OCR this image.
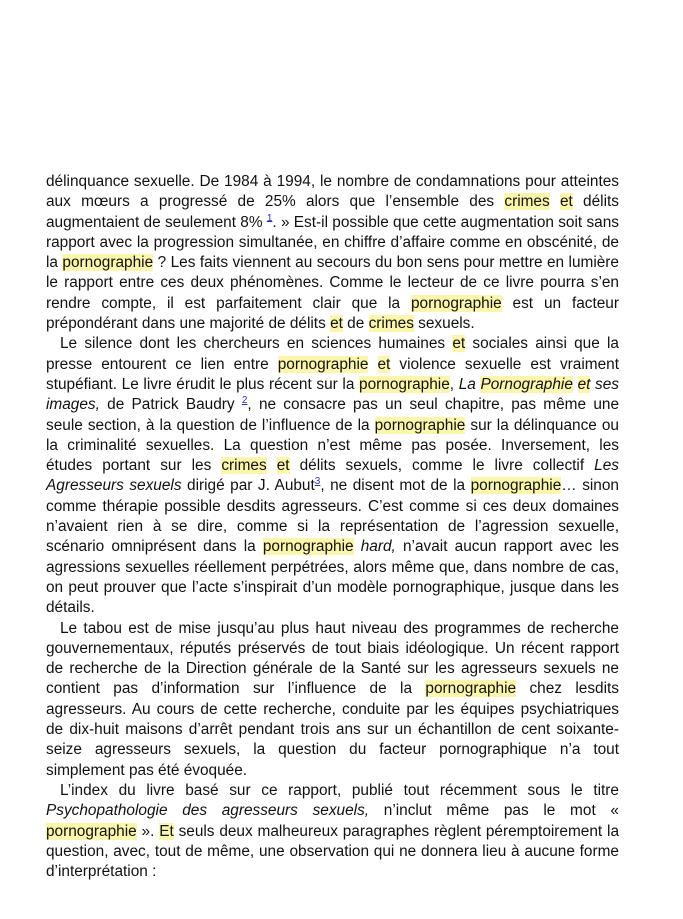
délinquance sexuelle. De 1984 à 1994, le nombre de condamnations pour atteintes aux mœurs a progressé de 25% alors que l’ensemble des crimes et délits augmentaient de seulement 8% $^1$. » Est-il possible que cette augmentation soit sans rapport avec la progression simultanée, en chiffre d’affaire comme en obscénité, de la pornographie ? Les faits viennent au secours du bon sens pour mettre en lumière le rapport entre ces deux phénomènes. Comme le lecteur de ce livre pourra s’en rendre compte, il est parfaitement clair que la pornographie est un facteur prépondérant dans une majorité de délits et de crimes sexuels.

Le silence dont les chercheurs en sciences humaines et sociales ainsi que la presse entourent ce lien entre pornographie et violence sexuelle est vraiment stupéfiant. Le livre érudit le plus récent sur la pornographie, La Pornographie et ses images, de Patrick Baudry $^2$, ne consacre pas un seul chapitre, pas même une seule section, à la question de l’influence de la pornographie sur la délinquance ou la criminalité sexuelles. La question n’est même pas posée. Inversement, les études portant sur les crimes et délits sexuels, comme le livre collectif Les Agresseurs sexuels dirigé par J. Aubut$^3$, ne disent mot de la pornographie… sinon comme thérapie possible desdits agresseurs. C’est comme si ces deux domaines n’avaient rien à se dire, comme si la représentation de l’agression sexuelle, scénario omniprésent dans la pornographie hard, n’avait aucun rapport avec les agressions sexuelles réellement perpétrées, alors même que, dans nombre de cas, on peut prouver que l’acte s’inspirait d’un modèle pornographique, jusque dans les détails.

Le tabou est de mise jusqu’au plus haut niveau des programmes de recherche gouvernementaux, réputés préservés de tout biais idéologique. Un récent rapport de recherche de la Direction générale de la Santé sur les agresseurs sexuels ne contient pas d’information sur l’influence de la pornographie chez lesdits agresseurs. Au cours de cette recherche, conduite par les équipes psychiatriques de dix-huit maisons d’arrêt pendant trois ans sur un échantillon de cent soixante-seize agresseurs sexuels, la question du facteur pornographique n’a tout simplement pas été évoquée.

L’index du livre basé sur ce rapport, publié tout récemment sous le titre Psychopathologie des agresseurs sexuels, n’inclut même pas le mot « pornographie ». Et seuls deux malheureux paragraphes règlent péremptoirement la question, avec, tout de même, une observation qui ne donnera lieu à aucune forme d’interprétation :
